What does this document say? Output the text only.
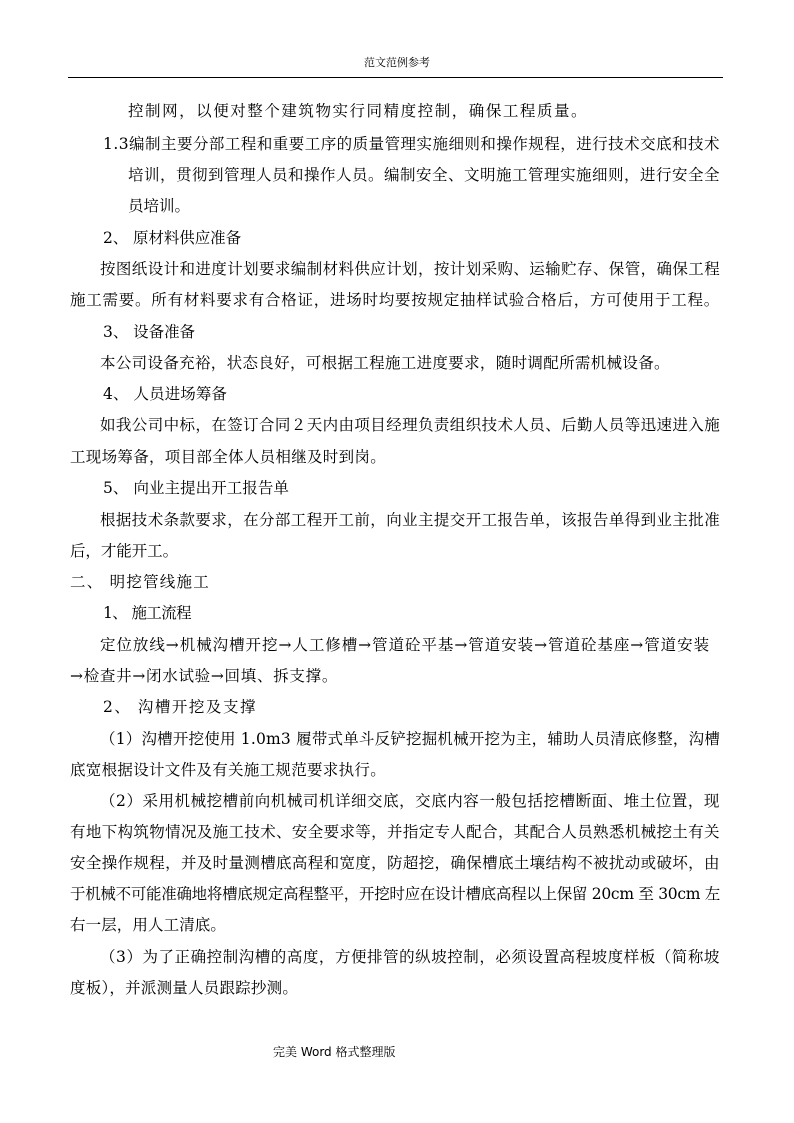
范文范例参考
控制网，以便对整个建筑物实行同精度控制，确保工程质量。
1.3编制主要分部工程和重要工序的质量管理实施细则和操作规程，进行技术交底和技术
培训，贯彻到管理人员和操作人员。编制安全、文明施工管理实施细则，进行安全全
员培训。
2、 原材料供应准备
按图纸设计和进度计划要求编制材料供应计划，按计划采购、运输贮存、保管，确保工程
施工需要。所有材料要求有合格证，进场时均要按规定抽样试验合格后，方可使用于工程。
3、 设备准备
本公司设备充裕，状态良好，可根据工程施工进度要求，随时调配所需机械设备。
4、 人员进场筹备
如我公司中标，在签订合同２天内由项目经理负责组织技术人员、后勤人员等迅速进入施
工现场筹备，项目部全体人员相继及时到岗。
5、 向业主提出开工报告单
根据技术条款要求，在分部工程开工前，向业主提交开工报告单，该报告单得到业主批准
后，才能开工。
二、 明挖管线施工
1、 施工流程
定位放线→机械沟槽开挖→人工修槽→管道砼平基→管道安装→管道砼基座→管道安装
→检查井→闭水试验→回填、拆支撑。
2、 沟槽开挖及支撑
（1）沟槽开挖使用 1.0m3 履带式单斗反铲挖掘机械开挖为主，辅助人员清底修整，沟槽
底宽根据设计文件及有关施工规范要求执行。
（2）采用机械挖槽前向机械司机详细交底，交底内容一般包括挖槽断面、堆土位置，现
有地下构筑物情况及施工技术、安全要求等，并指定专人配合，其配合人员熟悉机械挖土有关
安全操作规程，并及时量测槽底高程和宽度，防超挖，确保槽底土壤结构不被扰动或破坏，由
于机械不可能准确地将槽底规定高程整平，开挖时应在设计槽底高程以上保留 20cm 至 30cm 左
右一层，用人工清底。
（3）为了正确控制沟槽的高度，方便排管的纵坡控制，必须设置高程坡度样板（简称坡
度板），并派测量人员跟踪抄测。
完美 Word 格式整理版
